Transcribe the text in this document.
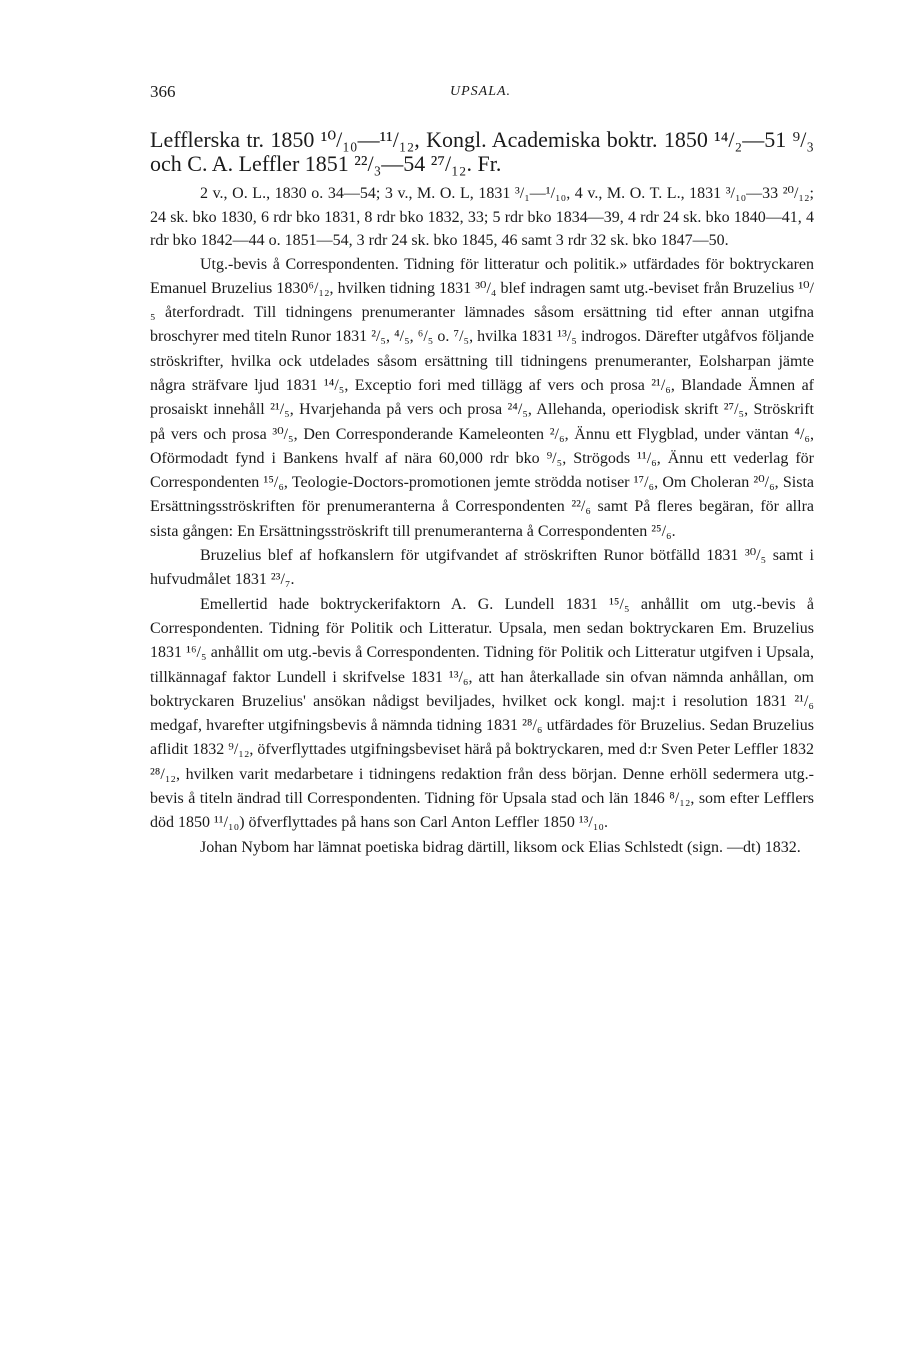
366	UPSALA.

Lefflerska tr. 1850 ¹⁰/₁₀—¹¹/₁₂, Kongl. Academiska boktr. 1850 ¹⁴/₂—51 ⁹/₃ och C. A. Leffler 1851 ²²/₃—54 ²⁷/₁₂. Fr.

2 v., O. L., 1830 o. 34—54; 3 v., M. O. L, 1831 ³/₁—¹/₁₀, 4 v., M. O. T. L., 1831 ³/₁₀—33 ²⁰/₁₂; 24 sk. bko 1830, 6 rdr bko 1831, 8 rdr bko 1832, 33; 5 rdr bko 1834—39, 4 rdr 24 sk. bko 1840—41, 4 rdr bko 1842—44 o. 1851—54, 3 rdr 24 sk. bko 1845, 46 samt 3 rdr 32 sk. bko 1847—50.

Utg.-bevis å Correspondenten. Tidning för litteratur och politik.» utfärdades för boktryckaren Emanuel Bruzelius 1830⁶/₁₂, hvilken tidning 1831 ³⁰/₄ blef indragen samt utg.-beviset från Bruzelius ¹⁰/₅ återfordradt. Till tidningens prenumeranter lämnades såsom ersättning tid efter annan utgifna broschyrer med titeln Runor 1831 ²/₅, ⁴/₅, ⁶/₅ o. ⁷/₅, hvilka 1831 ¹³/₅ indrogos. Därefter utgåfvos följande ströskrifter, hvilka ock utdelades såsom ersättning till tidningens prenumeranter, Eolsharpan jämte några sträfvare ljud 1831 ¹⁴/₅, Exceptio fori med tillägg af vers och prosa ²¹/₆, Blandade Ämnen af prosaiskt innehåll ²¹/₅, Hvarjehanda på vers och prosa ²⁴/₅, Allehanda, operiodisk skrift ²⁷/₅, Ströskrift på vers och prosa ³⁰/₅, Den Corresponderande Kameleonten ²/₆, Ännu ett Flygblad, under väntan ⁴/₆, Oförmodadt fynd i Bankens hvalf af nära 60,000 rdr bko ⁹/₅, Strögods ¹¹/₆, Ännu ett vederlag för Correspondenten ¹⁵/₆, Teologie-Doctors-promotionen jemte strödda notiser ¹⁷/₆, Om Choleran ²⁰/₆, Sista Ersättningsströskriften för prenumeranterna å Correspondenten ²²/₆ samt På fleres begäran, för allra sista gången: En Ersättningsströskrift till prenumeranterna å Correspondenten ²⁵/₆.

Bruzelius blef af hofkanslern för utgifvandet af ströskriften Runor bötfälld 1831 ³⁰/₅ samt i hufvudmålet 1831 ²³/₇.

Emellertid hade boktryckerifaktorn A. G. Lundell 1831 ¹⁵/₅ anhållit om utg.-bevis å Correspondenten. Tidning för Politik och Litteratur. Upsala, men sedan boktryckaren Em. Bruzelius 1831 ¹⁶/₅ anhållit om utg.-bevis å Correspondenten. Tidning för Politik och Litteratur utgifven i Upsala, tillkännagaf faktor Lundell i skrifvelse 1831 ¹³/₆, att han återkallade sin ofvan nämnda anhållan, om boktryckaren Bruzelius' ansökan nådigst beviljades, hvilket ock kongl. maj:t i resolution 1831 ²¹/₆ medgaf, hvarefter utgifningsbevis å nämnda tidning 1831 ²⁸/₆ utfärdades för Bruzelius. Sedan Bruzelius aflidit 1832 ⁹/₁₂, öfverflyttades utgifningsbeviset härå på boktryckaren, med d:r Sven Peter Leffler 1832 ²⁸/₁₂, hvilken varit medarbetare i tidningens redaktion från dess början. Denne erhöll sedermera utg.-bevis å titeln ändrad till Correspondenten. Tidning för Upsala stad och län 1846 ⁸/₁₂, som efter Lefflers död 1850 ¹¹/₁₀) öfverflyttades på hans son Carl Anton Leffler 1850 ¹³/₁₀.

Johan Nybom har lämnat poetiska bidrag därtill, liksom ock Elias Schlstedt (sign. —dt) 1832.
